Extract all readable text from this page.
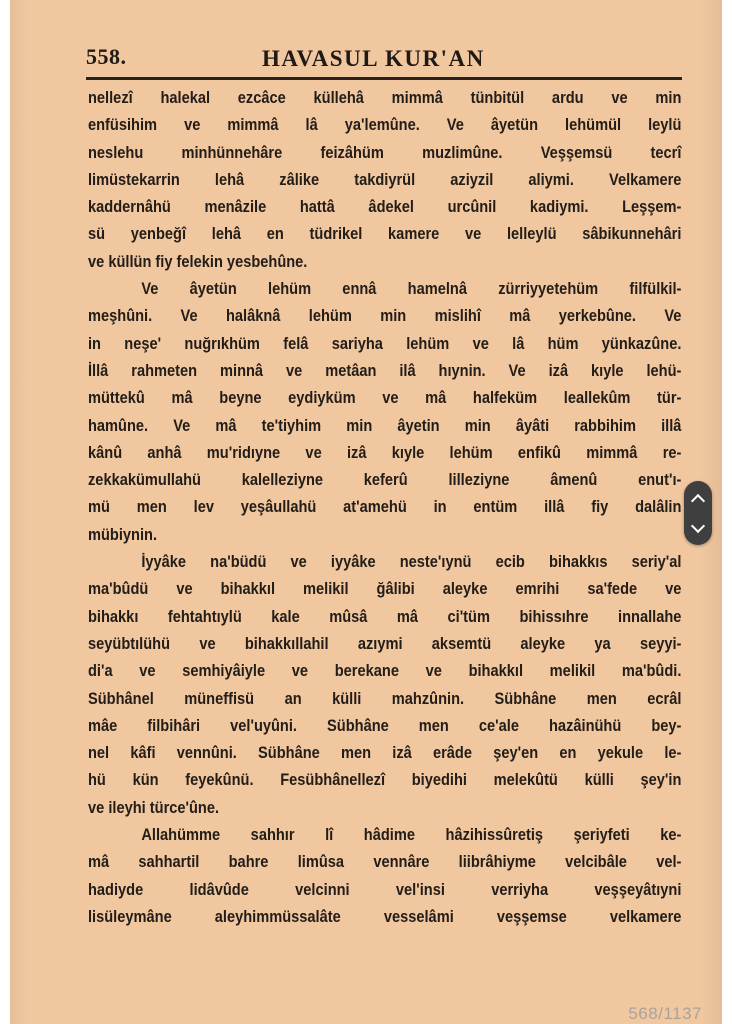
558.	HAVASUL KUR'AN
nellezî halekal ezcâce küllehâ mimmâ tünbitül ardu ve min
enfüsihim ve mimmâ lâ ya'lemûne. Ve âyetün lehümül leylü
neslehu minhünnehâre feizâhüm muzlimûne. Veşşemsü tecrî
limüstekarrin lehâ zâlike takdiyrül aziyzil aliymi. Velkamere
kaddernâhü menâzile hattâ âdekel urcûnil kadiymi. Leşşem-
sü yenbeğî lehâ en tüdrikel kamere ve lelleylü sâbikunnehâri
ve küllün fiy felekin yesbehûne.
Ve âyetün lehüm ennâ hamelnâ zürriyyetehüm filfülkil-
meşhûni. Ve halâknâ lehüm min mislihî mâ yerkebûne. Ve
in neşe' nuğrıkhüm felâ sariyha lehüm ve lâ hüm yünkazûne.
İllâ rahmeten minnâ ve metâan ilâ hıynin. Ve izâ kıyle lehü-
müttekû mâ beyne eydiyküm ve mâ halfeküm leallekûm tür-
hamûne. Ve mâ te'tiyhim min âyetin min âyâti rabbihim illâ
kânû anhâ mu'ridıyne ve izâ kıyle lehüm enfikû mimmâ re-
zekkakümullahü kalelleziyne keferû lilleziyne âmenû enut'ı-
mü men lev yeşâullahü at'amehü in entüm illâ fiy dalâlin
mübiynin.
İyyâke na'büdü ve iyyâke neste'ıynü ecib bihakkıs seriy'al
ma'bûdü ve bihakkıl melikil ğâlibi aleyke emrihi sa'fede ve
bihakkı fehtahtıylü kale mûsâ mâ ci'tüm bihissıhre innallahe
seyübtılühü ve bihakkıllahil azıymi aksemtü aleyke ya seyyi-
di'a ve semhiyâiyle ve berekane ve bihakkıl melikil ma'bûdi.
Sübhânel müneffisü an külli mahzûnin. Sübhâne men ecrâl
mâe filbihâri vel'uyûni. Sübhâne men ce'ale hazâinühü bey-
nel kâfi vennûni. Sübhâne men izâ erâde şey'en en yekule le-
hü kün feyekûnü. Fesübhânellezî biyedihi melekûtü külli şey'in
ve ileyhi türce'ûne.
Allahümme sahhır lî hâdime hâzihissûretiş şeriyfeti ke-
mâ sahhartil bahre limûsa vennâre liibrâhiyme velcibâle vel-
hadiyde lidâvûde velcinni vel'insi verriyha veşşeyâtıyni
lisüleymâne aleyhimmüssalâte vesselâmi veşşemse velkamere
568/1137
